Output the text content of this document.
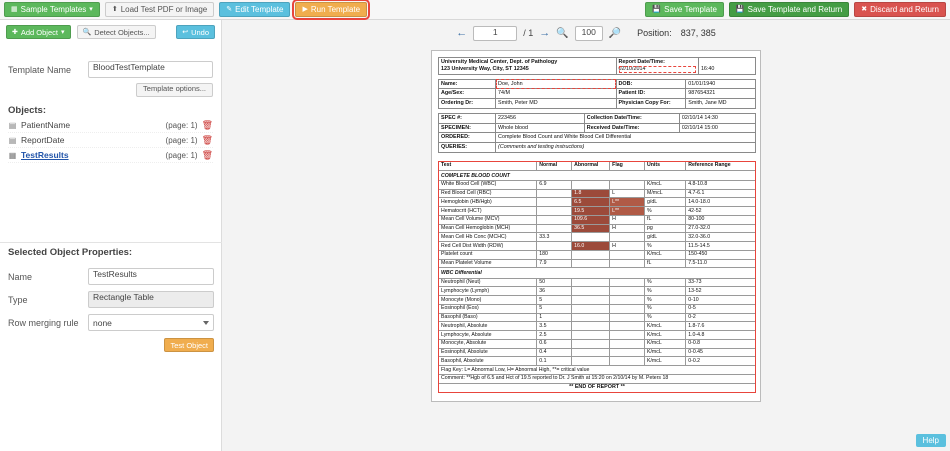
▦ Sample Templates ▾	⬆ Load Test PDF or Image	✎ Edit Template	▶ Run Template	💾 Save Template	💾 Save Template and Return	✖ Discard and Return
✚ Add Object ▾	🔍 Detect Objects...	↩ Undo
Template Name	BloodTestTemplate
Template options...
Objects:
▤ PatientName	(page: 1) 🗑
▤ ReportDate	(page: 1) 🗑
▦ TestResults	(page: 1) 🗑
Selected Object Properties:
Name	TestResults
Type	Rectangle Table
Row merging rule	none
Test Object
←	1	/ 1 → 🔍	100	🔎 Position: 837, 385
University Medical Center, Dept. of Pathology
123 University Way, City, ST 12345

Report Date/Time:
02/10/2014	16:40
Name:	Doe, John	DOB:	01/01/1940
Age/Sex:	74/M	Patient ID:	987654321
Ordering Dr:	Smith, Peter MD	Physician Copy For:	Smith, Jane MD
SPEC #:	223456	Collection Date/Time:	02/10/14 14:30
SPECIMEN:	Whole blood	Received Date/Time:	02/10/14 15:00
ORDERED:	Complete Blood Count and White Blood Cell Differential		
QUERIES:	(Comments and testing instructions)		
Test	Normal	Abnormal	Flag	Units	Reference Range
COMPLETE BLOOD COUNT					
White Blood Cell (WBC)	6.9			K/mcL	4.8-10.8
Red Blood Cell (RBC)		1.8	L	M/mcL	4.7-6.1
Hemoglobin (HB/Hgb)		6.5	L**	g/dL	14.0-18.0
Hematocrit (HCT)		19.5	L**	%	42-52
Mean Cell Volume (MCV)		109.6	H	fL	80-100
Mean Cell Hemoglobin (MCH)		36.5	H	pg	27.0-32.0
Mean Cell Hb Conc (MCHC)	33.3			g/dL	32.0-36.0
Red Cell Dist Width (RDW)		16.0	H	%	11.5-14.5
Platelet count	180			K/mcL	150-450
Mean Platelet Volume	7.9			fL	7.5-11.0
WBC Differential					
Neutrophil (Neut)	50			%	33-73
Lymphocyte (Lymph)	36			%	13-52
Monocyte (Mono)	5			%	0-10
Eosinophil (Eos)	5			%	0-5
Basophil (Baso)	1			%	0-2
Neutrophil, Absolute	3.5			K/mcL	1.8-7.6
Lymphocyte, Absolute	2.5			K/mcL	1.0-4.8
Monocyte, Absolute	0.6			K/mcL	0-0.8
Eosinophil, Absolute	0.4			K/mcL	0-0.45
Basophil, Absolute	0.1			K/mcL	0-0.2
Flag Key: L= Abnormal Low, H= Abnormal High, **= critical value					
Comment: **Hgb of 6.5 and Hct of 19.5 reported to Dr. J Smith at 15:20 on 2/10/14 by M. Peters 18					
** END OF REPORT **					
Help
